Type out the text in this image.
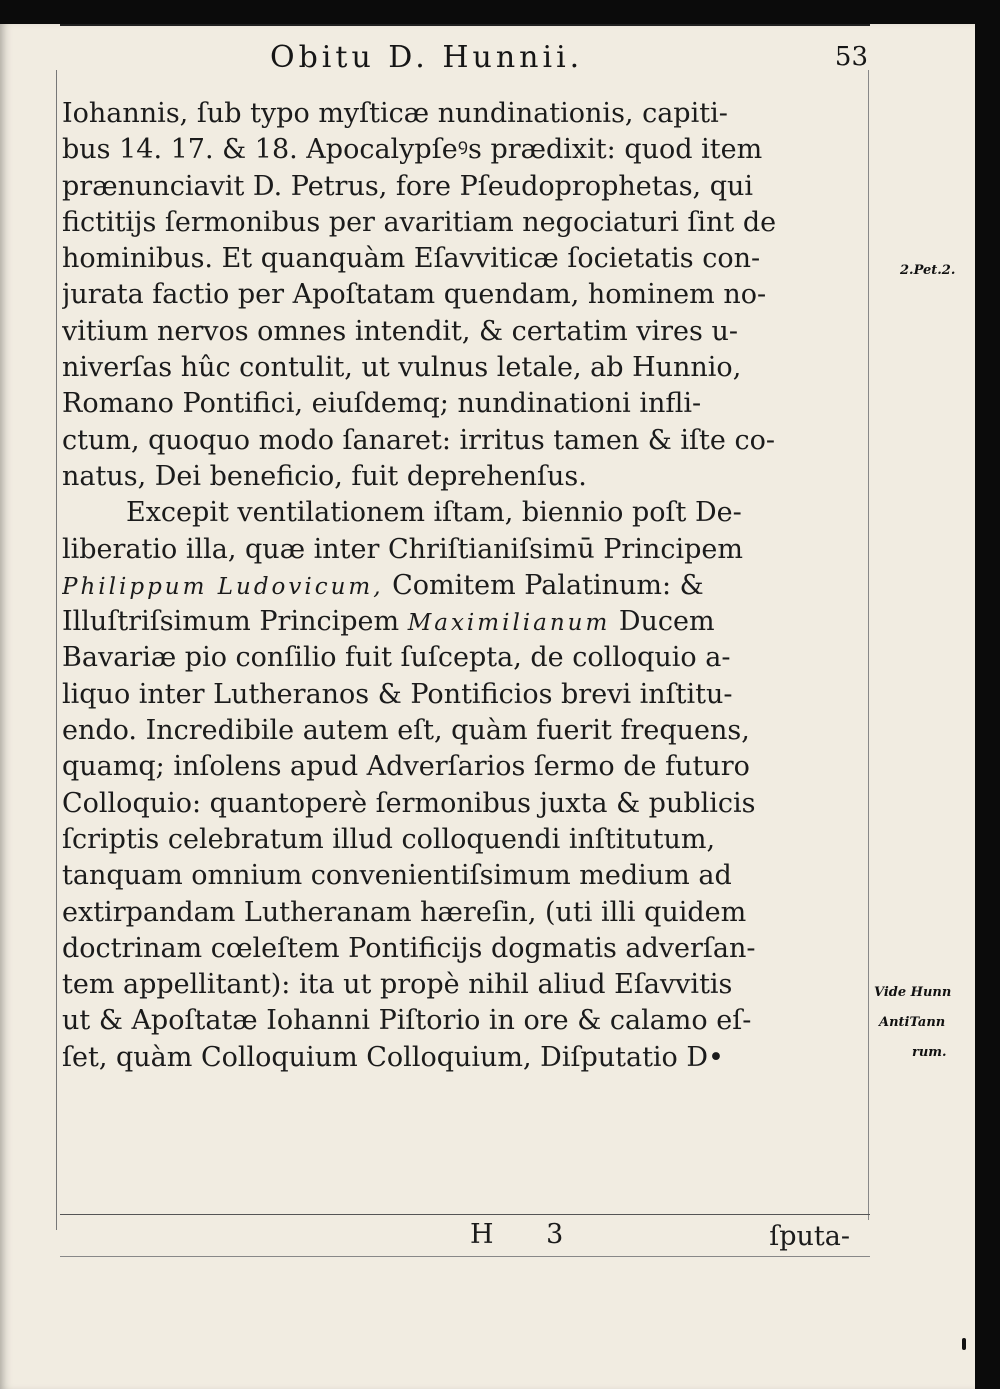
Obitu D. Hunnii.	53
Iohannis, ſub typo myſticæ nundinationis, capiti-
bus 14. 17. & 18. Apocalypſeꝰs prædixit: quod item
prænunciavit D. Petrus, fore Pſeudoprophetas, qui
fictitijs ſermonibus per avaritiam negociaturi ſint de
hominibus. Et quanquàm Eſavviticæ ſocietatis con-
jurata factio per Apoſtatam quendam, hominem no-
vitium nervos omnes intendit, & certatim vires u-
niverſas hûc contulit, ut vulnus letale, ab Hunnio,
Romano Pontifici, eiuſdemq; nundinationi infli-
ctum, quoquo modo ſanaret: irritus tamen & iſte co-
natus, Dei beneficio, fuit deprehenſus.
Excepit ventilationem iſtam, biennio poſt De-
liberatio illa, quæ inter Chriſtianiſsimū Principem
Philippum Ludovicum, Comitem Palatinum: &
Illuſtriſsimum Principem Maximilianum Ducem
Bavariæ pio conſilio fuit ſuſcepta, de colloquio a-
liquo inter Lutheranos & Pontificios brevi inſtitu-
endo. Incredibile autem eſt, quàm fuerit frequens,
quamq; inſolens apud Adverſarios ſermo de futuro
Colloquio: quantoperè ſermonibus juxta & publicis
ſcriptis celebratum illud colloquendi inſtitutum,
tanquam omnium convenientiſsimum medium ad
extirpandam Lutheranam hæreſin, (uti illi quidem
doctrinam cœleſtem Pontificijs dogmatis adverſan-
tem appellitant): ita ut propè nihil aliud Eſavvitis
ut & Apoſtatæ Iohanni Piſtorio in ore & calamo eſ-
ſet, quàm Colloquium Colloquium, Diſputatio D•
2.Pet.2.
Vide Hunn
AntiTann
rum.
H 3	ſputa-
